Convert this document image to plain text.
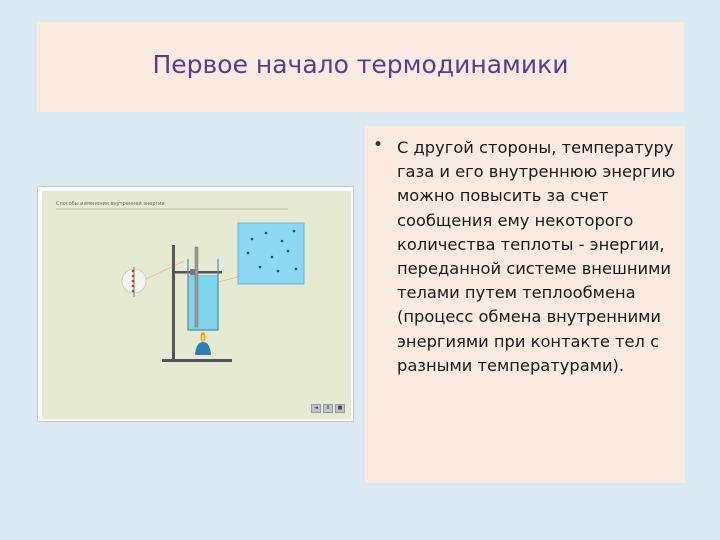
Первое начало термодинамики
• С другой стороны, температуру газа и его внутреннюю энергию можно повысить за счет сообщения ему некоторого количества теплоты - энергии, переданной системе внешними телами путем теплообмена (процесс обмена внутренними энергиями при контакте тел с разными температурами).
Способы изменения внутренней энергии
◄	II	■
